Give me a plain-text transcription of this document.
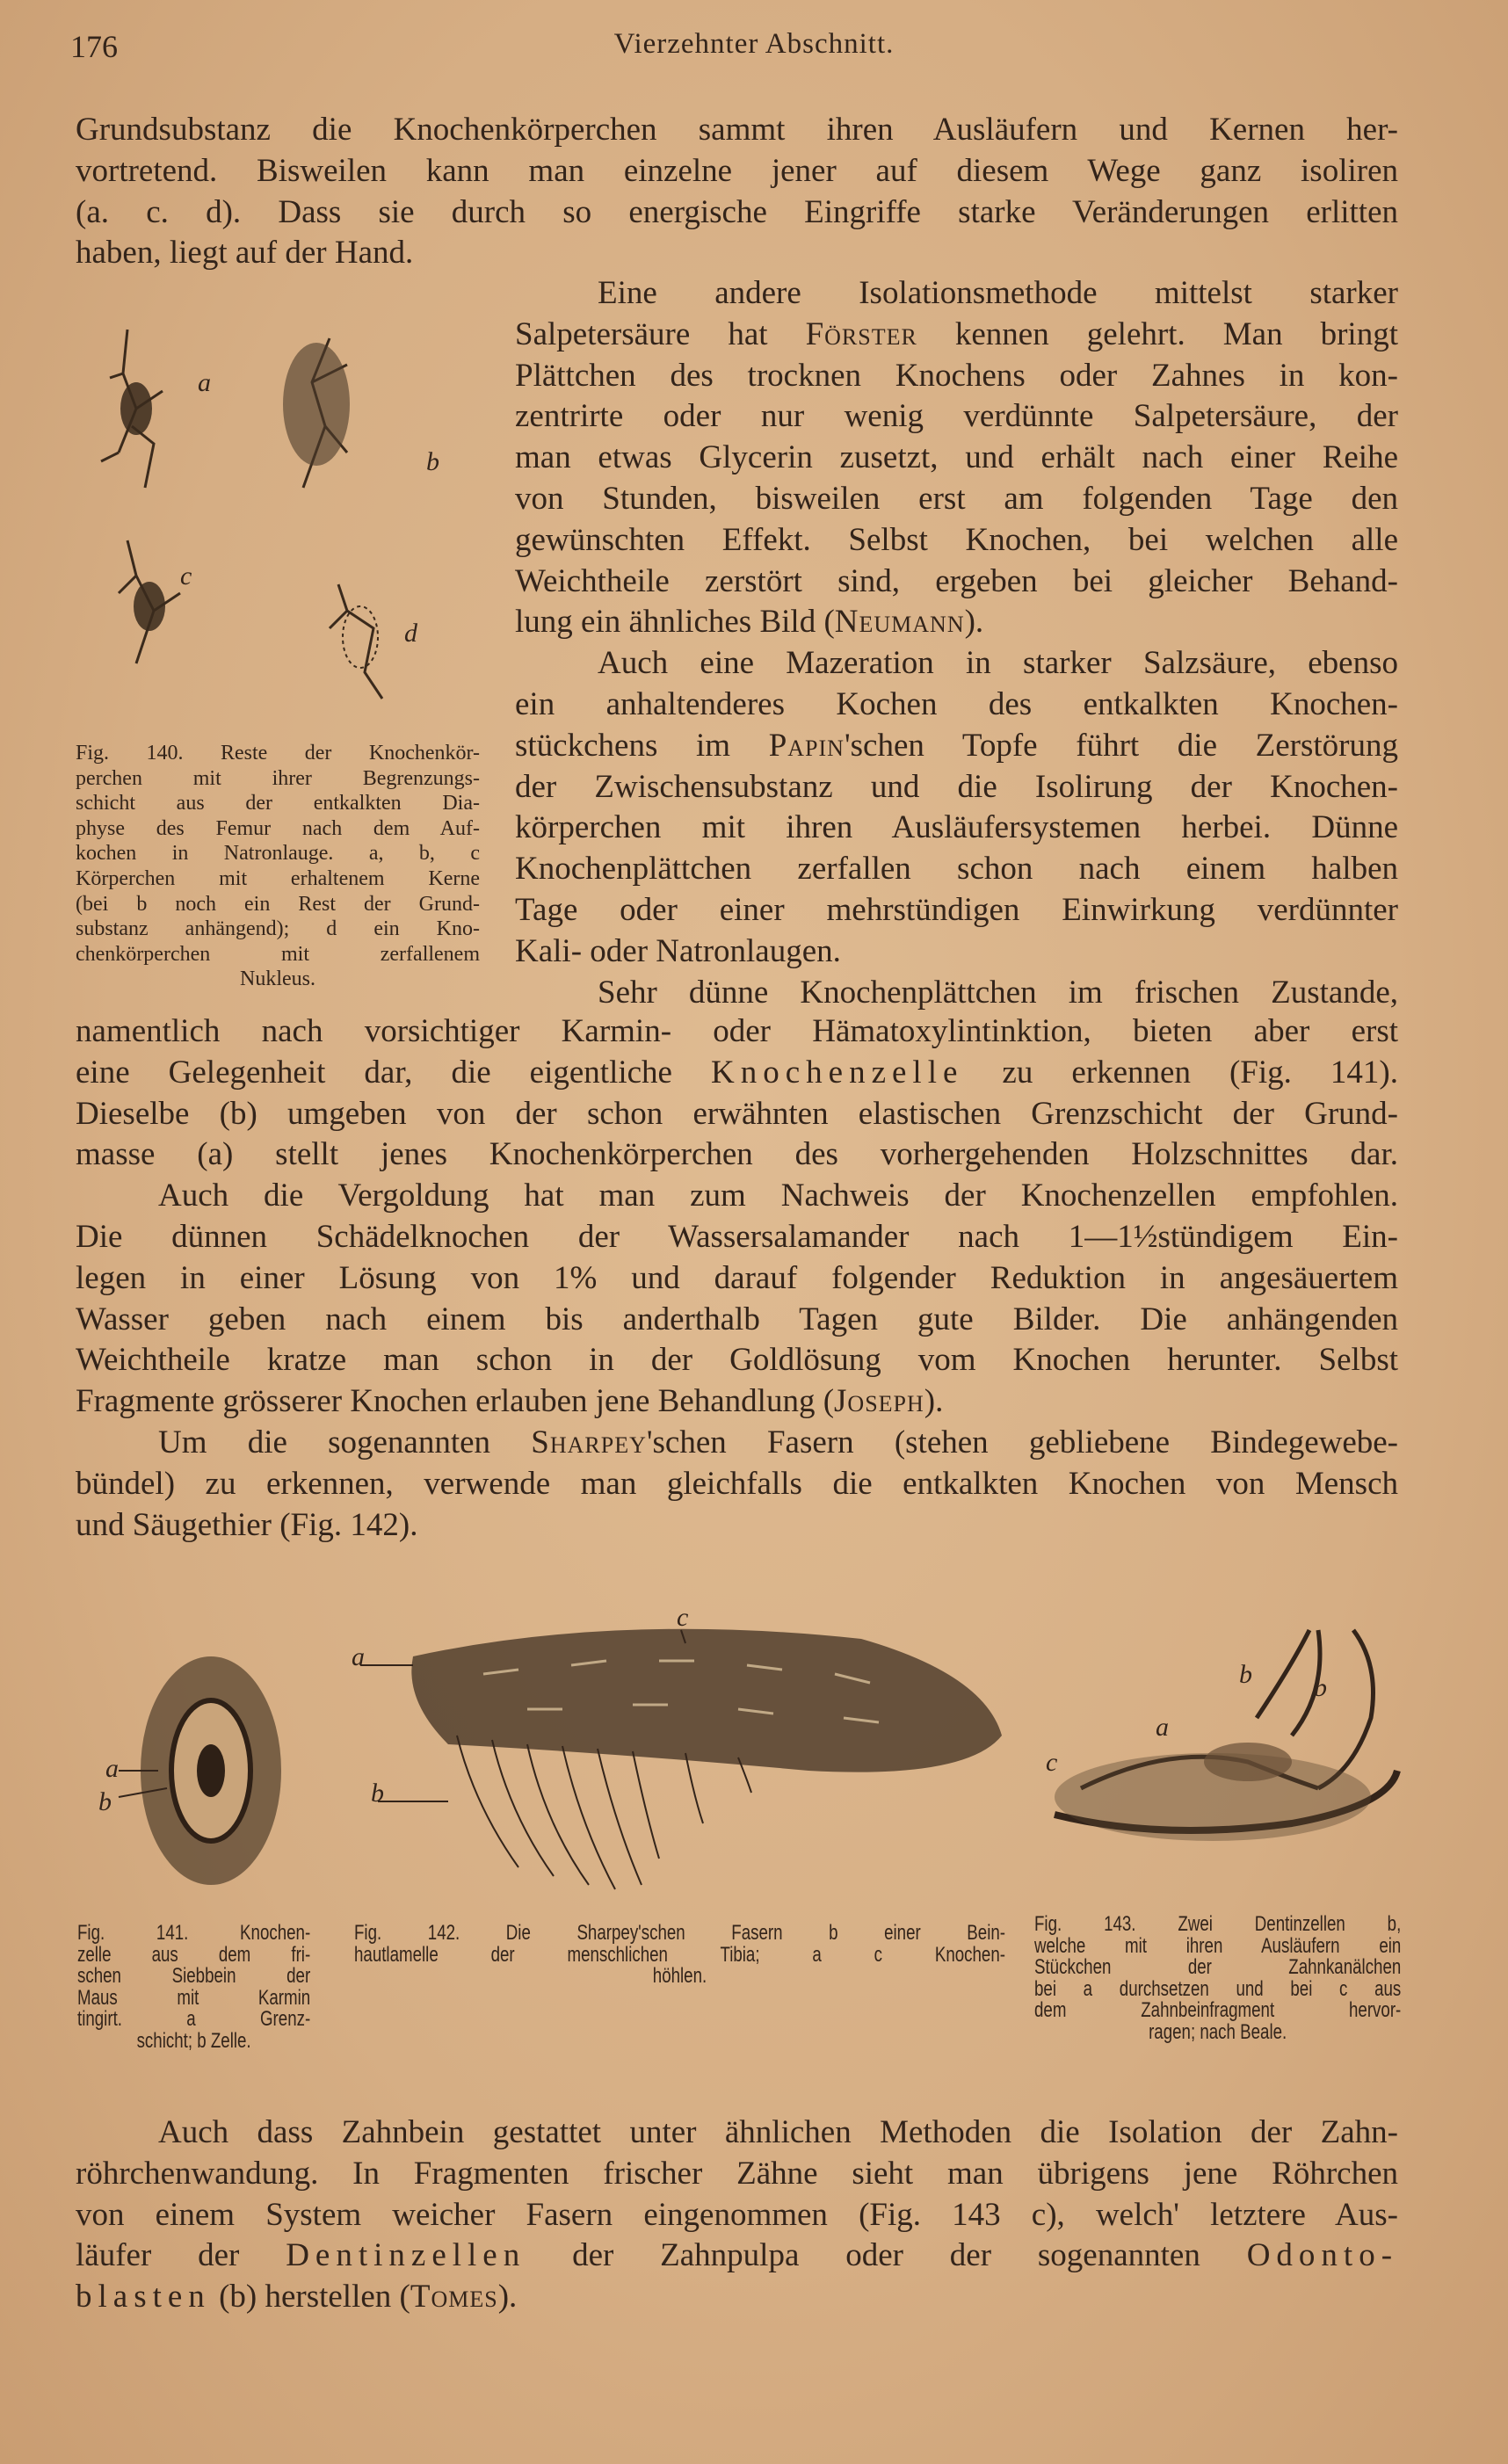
176	Vierzehnter Abschnitt.
Grundsubstanz die Knochenkörperchen sammt ihren Ausläufern und Kernen her-
vortretend. Bisweilen kann man einzelne jener auf diesem Wege ganz isoliren
(a. c. d). Dass sie durch so energische Eingriffe starke Veränderungen erlitten
haben, liegt auf der Hand.
Eine andere Isolationsmethode mittelst starker
Salpetersäure hat Förster kennen gelehrt. Man bringt
Plättchen des trocknen Knochens oder Zahnes in kon-
zentrirte oder nur wenig verdünnte Salpetersäure, der
man etwas Glycerin zusetzt, und erhält nach einer Reihe
von Stunden, bisweilen erst am folgenden Tage den
gewünschten Effekt. Selbst Knochen, bei welchen alle
Weichtheile zerstört sind, ergeben bei gleicher Behand-
lung ein ähnliches Bild (Neumann).
Auch eine Mazeration in starker Salzsäure, ebenso
ein anhaltenderes Kochen des entkalkten Knochen-
stückchens im Papin'schen Topfe führt die Zerstörung
der Zwischensubstanz und die Isolirung der Knochen-
körperchen mit ihren Ausläufersystemen herbei. Dünne
Knochenplättchen zerfallen schon nach einem halben
Tage oder einer mehrstündigen Einwirkung verdünnter
Kali- oder Natronlaugen.
Sehr dünne Knochenplättchen im frischen Zustande,
a
b
c
d
Fig. 140. Reste der Knochenkör-
perchen mit ihrer Begrenzungs-
schicht aus der entkalkten Dia-
physe des Femur nach dem Auf-
kochen in Natronlauge. a, b, c
Körperchen mit erhaltenem Kerne
(bei b noch ein Rest der Grund-
substanz anhängend); d ein Kno-
chenkörperchen mit zerfallenem
Nukleus.
namentlich nach vorsichtiger Karmin- oder Hämatoxylintinktion, bieten aber erst
eine Gelegenheit dar, die eigentliche Knochenzelle zu erkennen (Fig. 141).
Dieselbe (b) umgeben von der schon erwähnten elastischen Grenzschicht der Grund-
masse (a) stellt jenes Knochenkörperchen des vorhergehenden Holzschnittes dar.
Auch die Vergoldung hat man zum Nachweis der Knochenzellen empfohlen.
Die dünnen Schädelknochen der Wassersalamander nach 1—1½stündigem Ein-
legen in einer Lösung von 1% und darauf folgender Reduktion in angesäuertem
Wasser geben nach einem bis anderthalb Tagen gute Bilder. Die anhängenden
Weichtheile kratze man schon in der Goldlösung vom Knochen herunter. Selbst
Fragmente grösserer Knochen erlauben jene Behandlung (Joseph).
Um die sogenannten Sharpey'schen Fasern (stehen gebliebene Bindegewebe-
bündel) zu erkennen, verwende man gleichfalls die entkalkten Knochen von Mensch
und Säugethier (Fig. 142).
a
b
Fig. 141. Knochen-
zelle aus dem fri-
schen Siebbein der
Maus mit Karmin
tingirt. a Grenz-
schicht; b Zelle.
c
a
b
Fig. 142. Die Sharpey'schen Fasern b einer Bein-
hautlamelle der menschlichen Tibia; a c Knochen-
höhlen.
b b
a
c
Fig. 143. Zwei Dentinzellen b,
welche mit ihren Ausläufern ein
Stückchen der Zahnkanälchen
bei a durchsetzen und bei c aus
dem Zahnbeinfragment hervor-
ragen; nach Beale.
Auch dass Zahnbein gestattet unter ähnlichen Methoden die Isolation der Zahn-
röhrchenwandung. In Fragmenten frischer Zähne sieht man übrigens jene Röhrchen
von einem System weicher Fasern eingenommen (Fig. 143 c), welch' letztere Aus-
läufer der Dentinzellen der Zahnpulpa oder der sogenannten Odonto-
blasten (b) herstellen (Tomes).
